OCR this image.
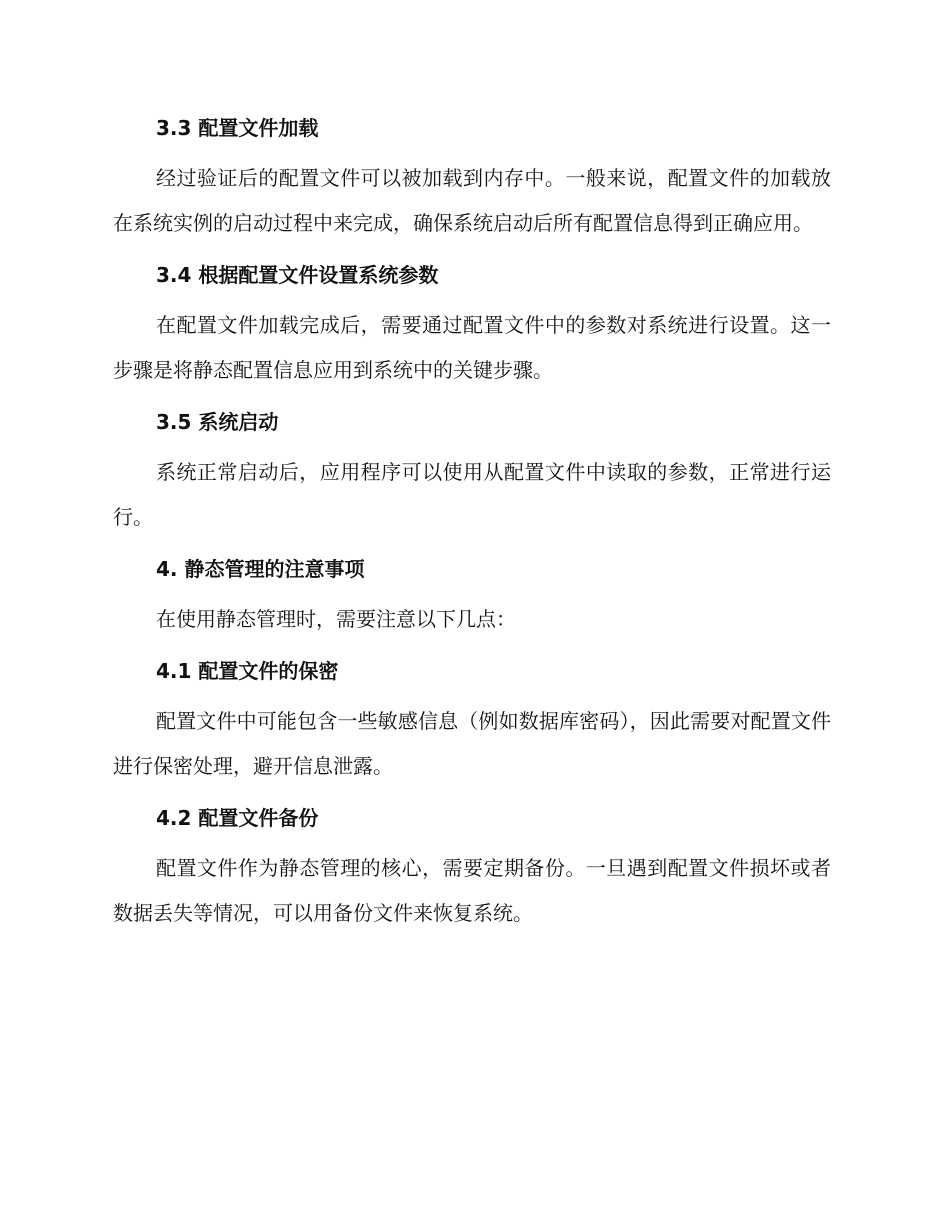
3.3 配置文件加载

经过验证后的配置文件可以被加载到内存中。一般来说，配置文件的加载放在系统实例的启动过程中来完成，确保系统启动后所有配置信息得到正确应用。

3.4 根据配置文件设置系统参数

在配置文件加载完成后，需要通过配置文件中的参数对系统进行设置。这一步骤是将静态配置信息应用到系统中的关键步骤。

3.5 系统启动

系统正常启动后，应用程序可以使用从配置文件中读取的参数，正常进行运行。

4. 静态管理的注意事项

在使用静态管理时，需要注意以下几点：

4.1 配置文件的保密

配置文件中可能包含一些敏感信息（例如数据库密码），因此需要对配置文件进行保密处理，避开信息泄露。

4.2 配置文件备份

配置文件作为静态管理的核心，需要定期备份。一旦遇到配置文件损坏或者数据丢失等情况，可以用备份文件来恢复系统。
